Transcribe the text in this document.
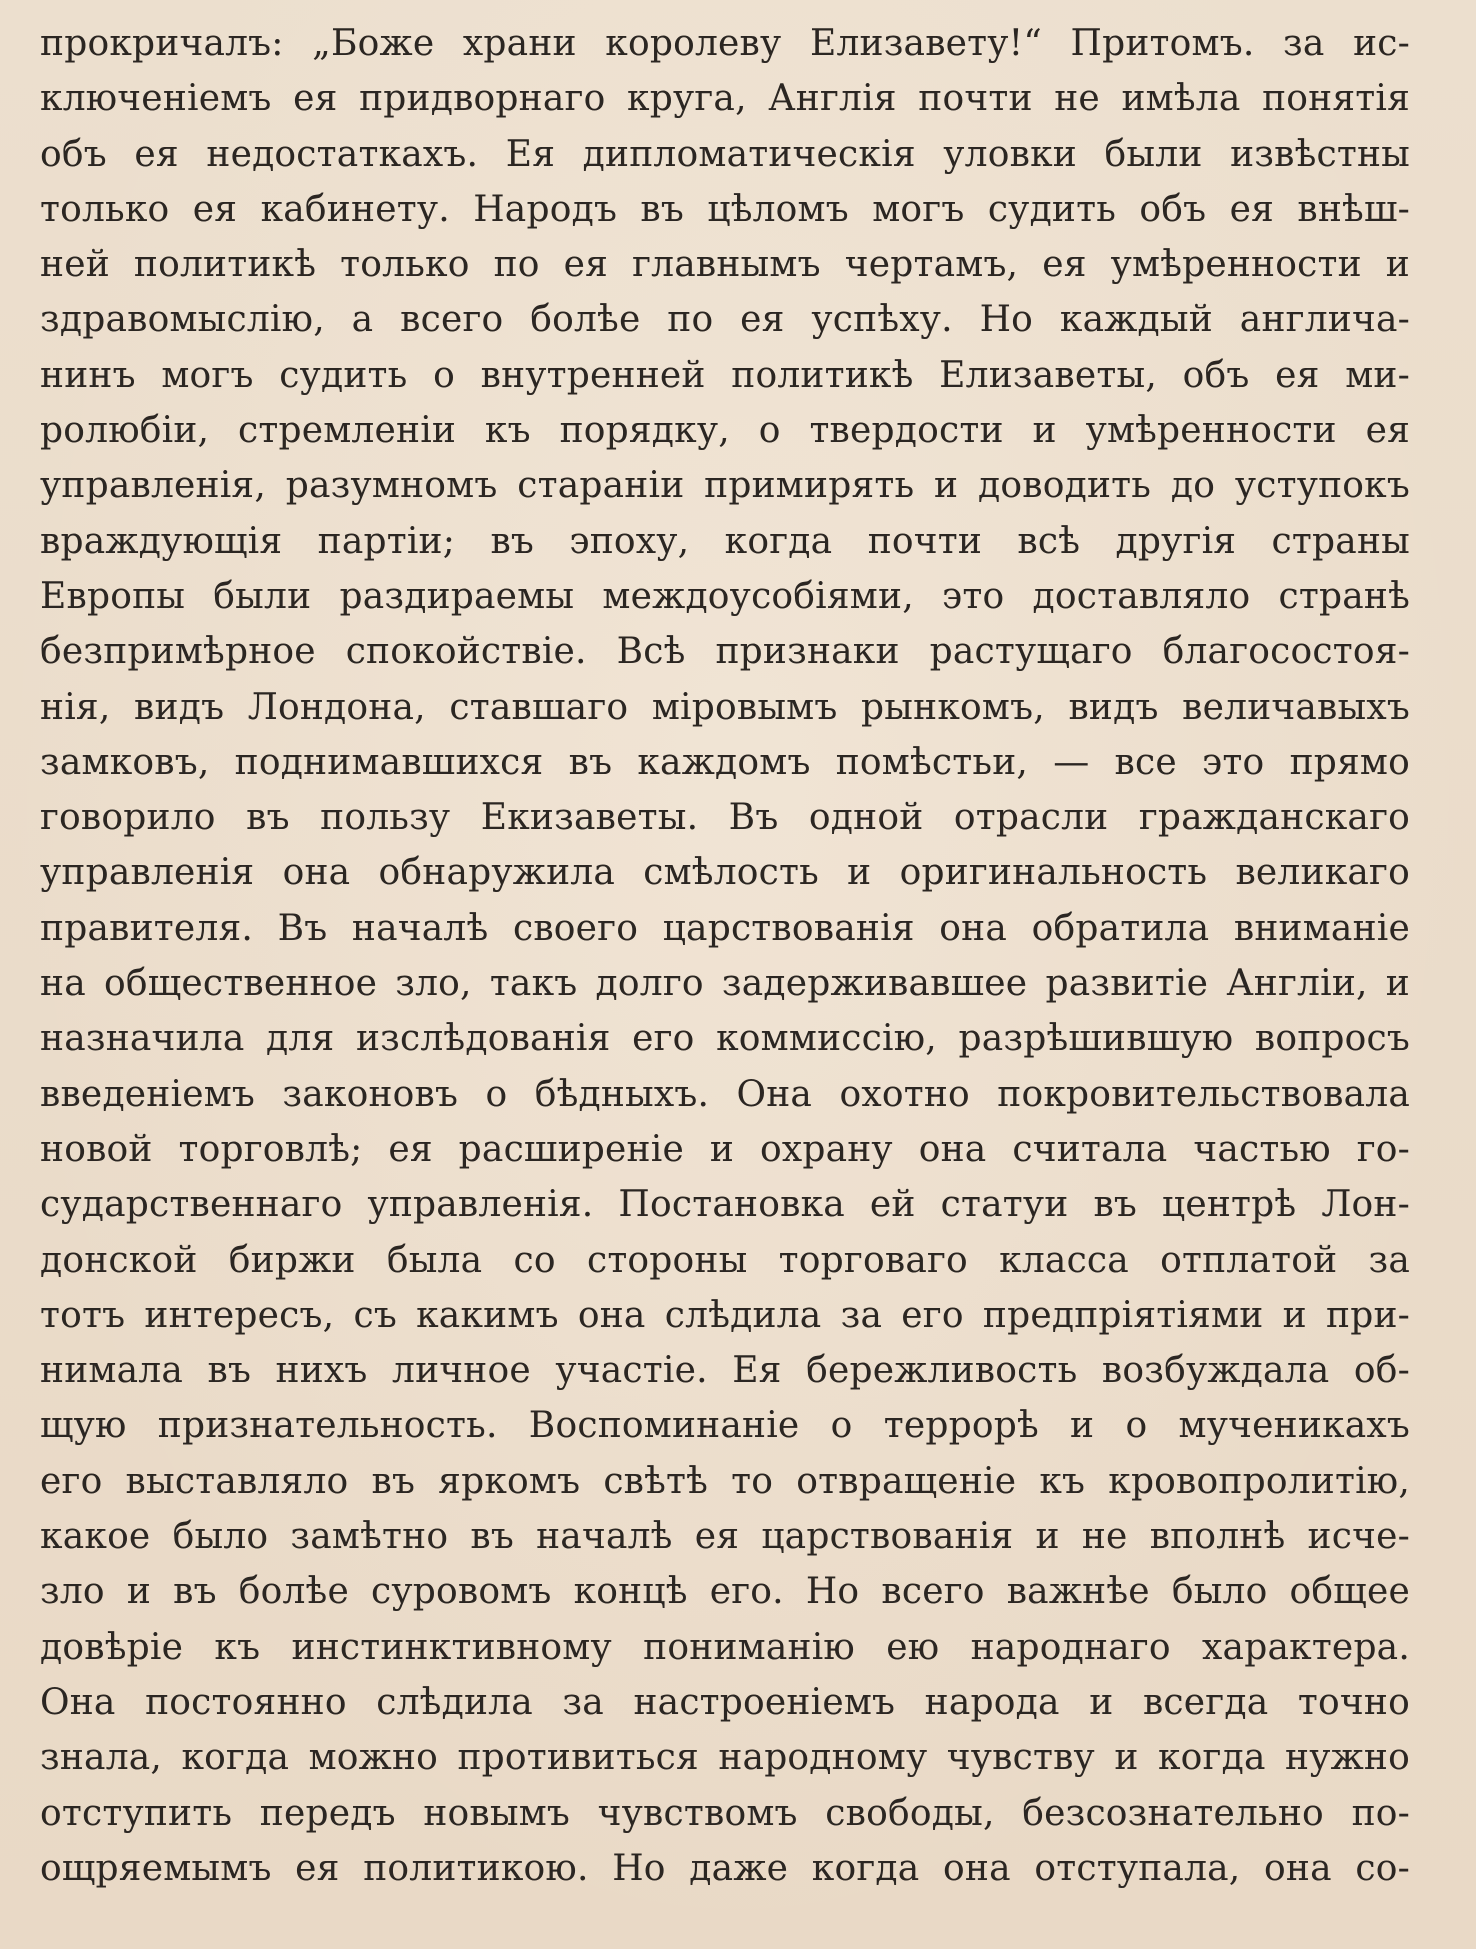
прокричалъ: „Боже храни королеву Елизавету!“ Притомъ. за ис-
ключеніемъ ея придворнаго круга, Англія почти не имѣла понятія
объ ея недостаткахъ. Ея дипломатическія уловки были извѣстны
только ея кабинету. Народъ въ цѣломъ могъ судить объ ея внѣш-
ней политикѣ только по ея главнымъ чертамъ, ея умѣренности и
здравомыслію, а всего болѣе по ея успѣху. Но каждый англича-
нинъ могъ судить о внутренней политикѣ Елизаветы, объ ея ми-
ролюбіи, стремленіи къ порядку, о твердости и умѣренности ея
управленія, разумномъ стараніи примирять и доводить до уступокъ
враждующія партіи; въ эпоху, когда почти всѣ другія страны
Европы были раздираемы междоусобіями, это доставляло странѣ
безпримѣрное спокойствіе. Всѣ признаки растущаго благосостоя-
нія, видъ Лондона, ставшаго міровымъ рынкомъ, видъ величавыхъ
замковъ, поднимавшихся въ каждомъ помѣстьи, — все это прямо
говорило въ пользу Екизаветы. Въ одной отрасли гражданскаго
управленія она обнаружила смѣлость и оригинальность великаго
правителя. Въ началѣ своего царствованія она обратила вниманіе
на общественное зло, такъ долго задерживавшее развитіе Англіи, и
назначила для изслѣдованія его коммиссію, разрѣшившую вопросъ
введеніемъ законовъ о бѣдныхъ. Она охотно покровительствовала
новой торговлѣ; ея расширеніе и охрану она считала частью го-
сударственнаго управленія. Постановка ей статуи въ центрѣ Лон-
донской биржи была со стороны торговаго класса отплатой за
тотъ интересъ, съ какимъ она слѣдила за его предпріятіями и при-
нимала въ нихъ личное участіе. Ея бережливость возбуждала об-
щую признательность. Воспоминаніе о террорѣ и о мученикахъ
его выставляло въ яркомъ свѣтѣ то отвращеніе къ кровопролитію,
какое было замѣтно въ началѣ ея царствованія и не вполнѣ исче-
зло и въ болѣе суровомъ концѣ его. Но всего важнѣе было общее
довѣріе къ инстинктивному пониманію ею народнаго характера.
Она постоянно слѣдила за настроеніемъ народа и всегда точно
знала, когда можно противиться народному чувству и когда нужно
отступить передъ новымъ чувствомъ свободы, безсознательно по-
ощряемымъ ея политикою. Но даже когда она отступала, она со-
